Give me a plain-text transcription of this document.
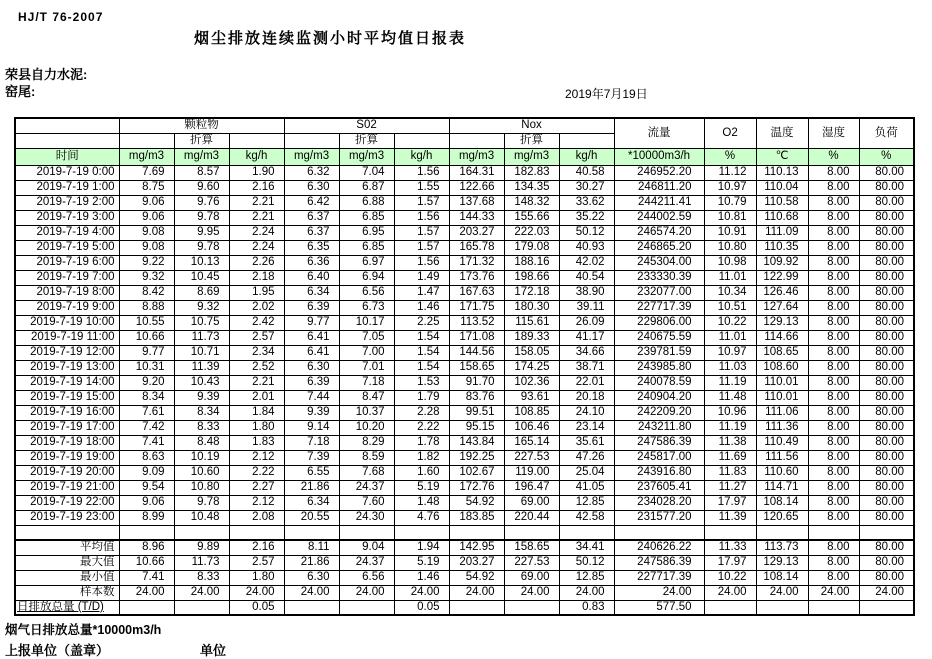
HJ/T 76-2007
烟尘排放连续监测小时平均值日报表
荣县自力水泥:
窑尾:	2019年7月19日
	颗粒物			S02			Nox			流量	O2	温度	湿度	负荷
		折算			折算			折算						
时间	mg/m3	mg/m3	kg/h	mg/m3	mg/m3	kg/h	mg/m3	mg/m3	kg/h	*10000m3/h	%	℃	%	%
2019-7-19 0:00	7.69	8.57	1.90	6.32	7.04	1.56	164.31	182.83	40.58	246952.20	11.12	110.13	8.00	80.00
2019-7-19 1:00	8.75	9.60	2.16	6.30	6.87	1.55	122.66	134.35	30.27	246811.20	10.97	110.04	8.00	80.00
2019-7-19 2:00	9.06	9.76	2.21	6.42	6.88	1.57	137.68	148.32	33.62	244211.41	10.79	110.58	8.00	80.00
2019-7-19 3:00	9.06	9.78	2.21	6.37	6.85	1.56	144.33	155.66	35.22	244002.59	10.81	110.68	8.00	80.00
2019-7-19 4:00	9.08	9.95	2.24	6.37	6.95	1.57	203.27	222.03	50.12	246574.20	10.91	111.09	8.00	80.00
2019-7-19 5:00	9.08	9.78	2.24	6.35	6.85	1.57	165.78	179.08	40.93	246865.20	10.80	110.35	8.00	80.00
2019-7-19 6:00	9.22	10.13	2.26	6.36	6.97	1.56	171.32	188.16	42.02	245304.00	10.98	109.92	8.00	80.00
2019-7-19 7:00	9.32	10.45	2.18	6.40	6.94	1.49	173.76	198.66	40.54	233330.39	11.01	122.99	8.00	80.00
2019-7-19 8:00	8.42	8.69	1.95	6.34	6.56	1.47	167.63	172.18	38.90	232077.00	10.34	126.46	8.00	80.00
2019-7-19 9:00	8.88	9.32	2.02	6.39	6.73	1.46	171.75	180.30	39.11	227717.39	10.51	127.64	8.00	80.00
2019-7-19 10:00	10.55	10.75	2.42	9.77	10.17	2.25	113.52	115.61	26.09	229806.00	10.22	129.13	8.00	80.00
2019-7-19 11:00	10.66	11.73	2.57	6.41	7.05	1.54	171.08	189.33	41.17	240675.59	11.01	114.66	8.00	80.00
2019-7-19 12:00	9.77	10.71	2.34	6.41	7.00	1.54	144.56	158.05	34.66	239781.59	10.97	108.65	8.00	80.00
2019-7-19 13:00	10.31	11.39	2.52	6.30	7.01	1.54	158.65	174.25	38.71	243985.80	11.03	108.60	8.00	80.00
2019-7-19 14:00	9.20	10.43	2.21	6.39	7.18	1.53	91.70	102.36	22.01	240078.59	11.19	110.01	8.00	80.00
2019-7-19 15:00	8.34	9.39	2.01	7.44	8.47	1.79	83.76	93.61	20.18	240904.20	11.48	110.01	8.00	80.00
2019-7-19 16:00	7.61	8.34	1.84	9.39	10.37	2.28	99.51	108.85	24.10	242209.20	10.96	111.06	8.00	80.00
2019-7-19 17:00	7.42	8.33	1.80	9.14	10.20	2.22	95.15	106.46	23.14	243211.80	11.19	111.36	8.00	80.00
2019-7-19 18:00	7.41	8.48	1.83	7.18	8.29	1.78	143.84	165.14	35.61	247586.39	11.38	110.49	8.00	80.00
2019-7-19 19:00	8.63	10.19	2.12	7.39	8.59	1.82	192.25	227.53	47.26	245817.00	11.69	111.56	8.00	80.00
2019-7-19 20:00	9.09	10.60	2.22	6.55	7.68	1.60	102.67	119.00	25.04	243916.80	11.83	110.60	8.00	80.00
2019-7-19 21:00	9.54	10.80	2.27	21.86	24.37	5.19	172.76	196.47	41.05	237605.41	11.27	114.71	8.00	80.00
2019-7-19 22:00	9.06	9.78	2.12	6.34	7.60	1.48	54.92	69.00	12.85	234028.20	17.97	108.14	8.00	80.00
2019-7-19 23:00	8.99	10.48	2.08	20.55	24.30	4.76	183.85	220.44	42.58	231577.20	11.39	120.65	8.00	80.00

平均值	8.96	9.89	2.16	8.11	9.04	1.94	142.95	158.65	34.41	240626.22	11.33	113.73	8.00	80.00
最大值	10.66	11.73	2.57	21.86	24.37	5.19	203.27	227.53	50.12	247586.39	17.97	129.13	8.00	80.00
最小值	7.41	8.33	1.80	6.30	6.56	1.46	54.92	69.00	12.85	227717.39	10.22	108.14	8.00	80.00
样本数	24.00	24.00	24.00	24.00	24.00	24.00	24.00	24.00	24.00	24.00	24.00	24.00	24.00	24.00
日排放总量 (T/D)			0.05			0.05			0.83	577.50				
烟气日排放总量*10000m3/h
上报单位（盖章）	单位
